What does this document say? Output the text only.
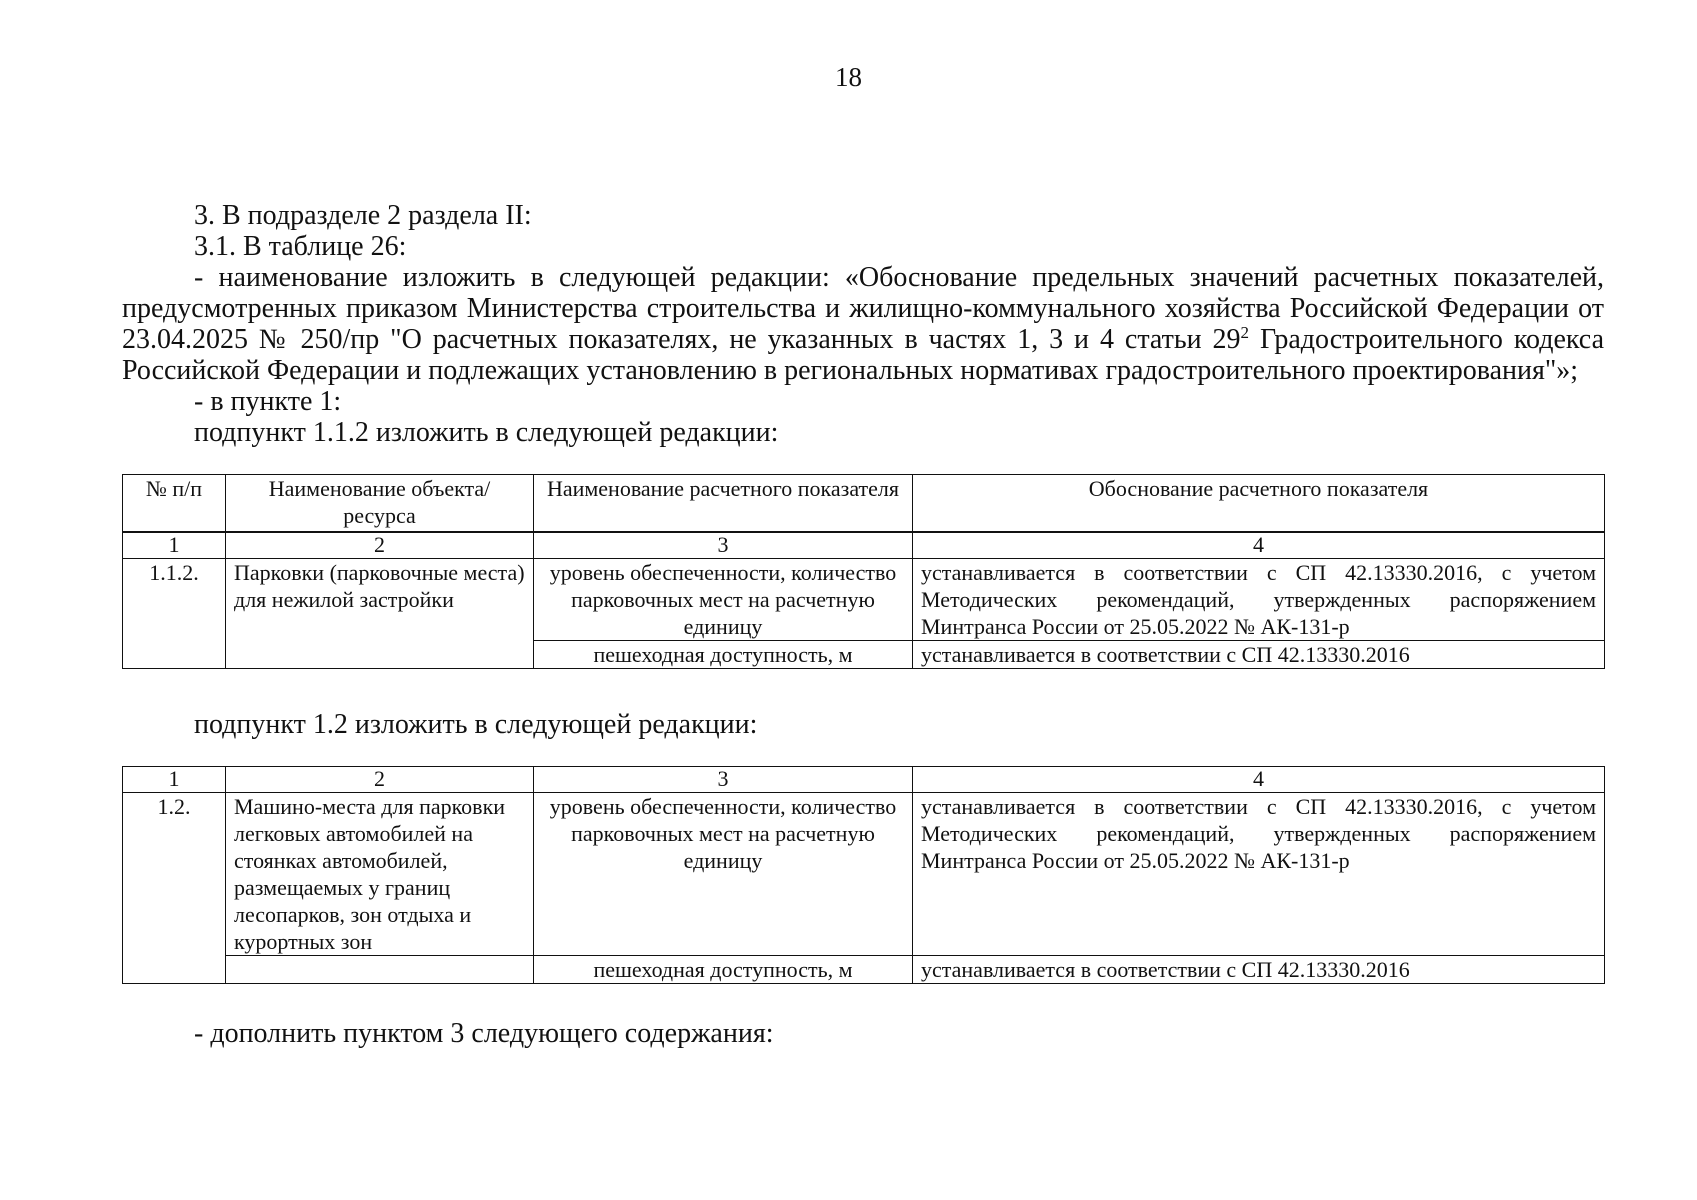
18

3. В подразделе 2 раздела II:

3.1. В таблице 26:

- наименование изложить в следующей редакции: «Обоснование предельных значений расчетных показателей, предусмотренных приказом Министерства строительства и жилищно-коммунального хозяйства Российской Федерации от 23.04.2025 № 250/пр "О расчетных показателях, не указанных в частях 1, 3 и 4 статьи $29^2$ Градостроительного кодекса Российской Федерации и подлежащих установлению в региональных нормативах градостроительного проектирования"»;

- в пункте 1:

подпункт 1.1.2 изложить в следующей редакции:

№ п/п	Наименование объекта/ресурса	Наименование расчетного показателя	Обоснование расчетного показателя
1	2	3	4
1.1.2.	Парковки (парковочные места) для нежилой застройки	уровень обеспеченности, количество парковочных мест на расчетную единицу	устанавливается в соответствии с СП 42.13330.2016, с учетом Методических рекомендаций, утвержденных распоряжением Минтранса России от 25.05.2022 № АК-131-р
		пешеходная доступность, м	устанавливается в соответствии с СП 42.13330.2016

подпункт 1.2 изложить в следующей редакции:

1	2	3	4
1.2.	Машино-места для парковки легковых автомобилей на стоянках автомобилей, размещаемых у границ лесопарков, зон отдыха и курортных зон	уровень обеспеченности, количество парковочных мест на расчетную единицу	устанавливается в соответствии с СП 42.13330.2016, с учетом Методических рекомендаций, утвержденных распоряжением Минтранса России от 25.05.2022 № АК-131-р
		пешеходная доступность, м	устанавливается в соответствии с СП 42.13330.2016

- дополнить пунктом 3 следующего содержания:
